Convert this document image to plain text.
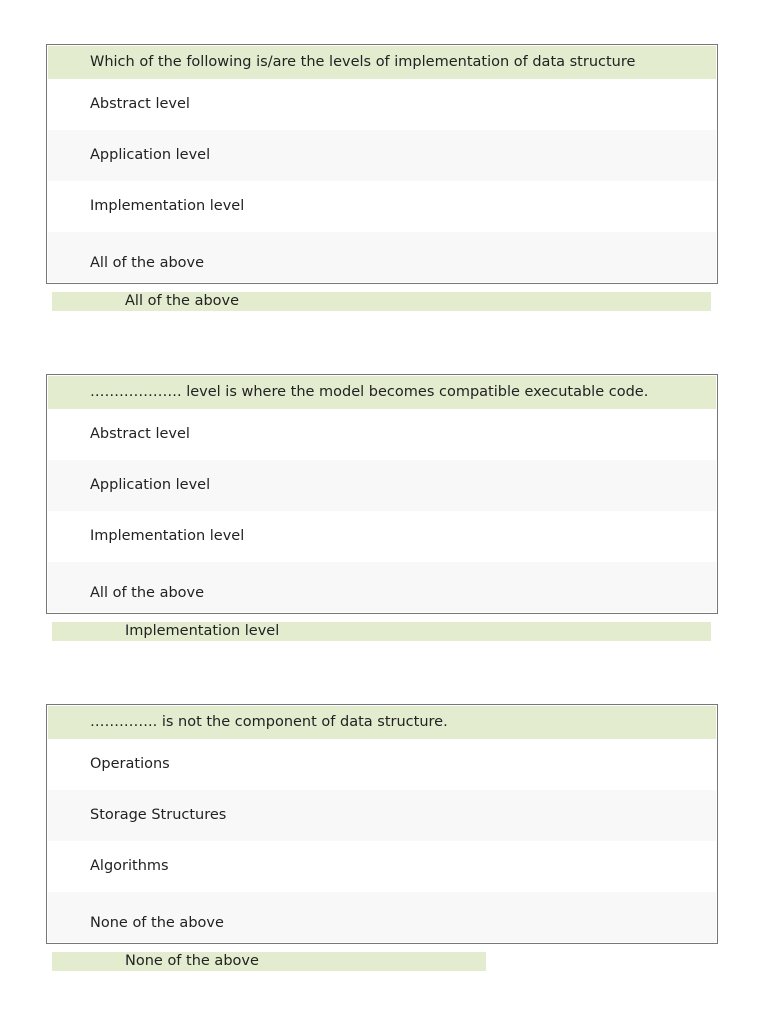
Which of the following is/are the levels of implementation of data structure
Abstract level
Application level
Implementation level
All of the above
All of the above
………………. level is where the model becomes compatible executable code.
Abstract level
Application level
Implementation level
All of the above
Implementation level
………….. is not the component of data structure.
Operations
Storage Structures
Algorithms
None of the above
None of the above
